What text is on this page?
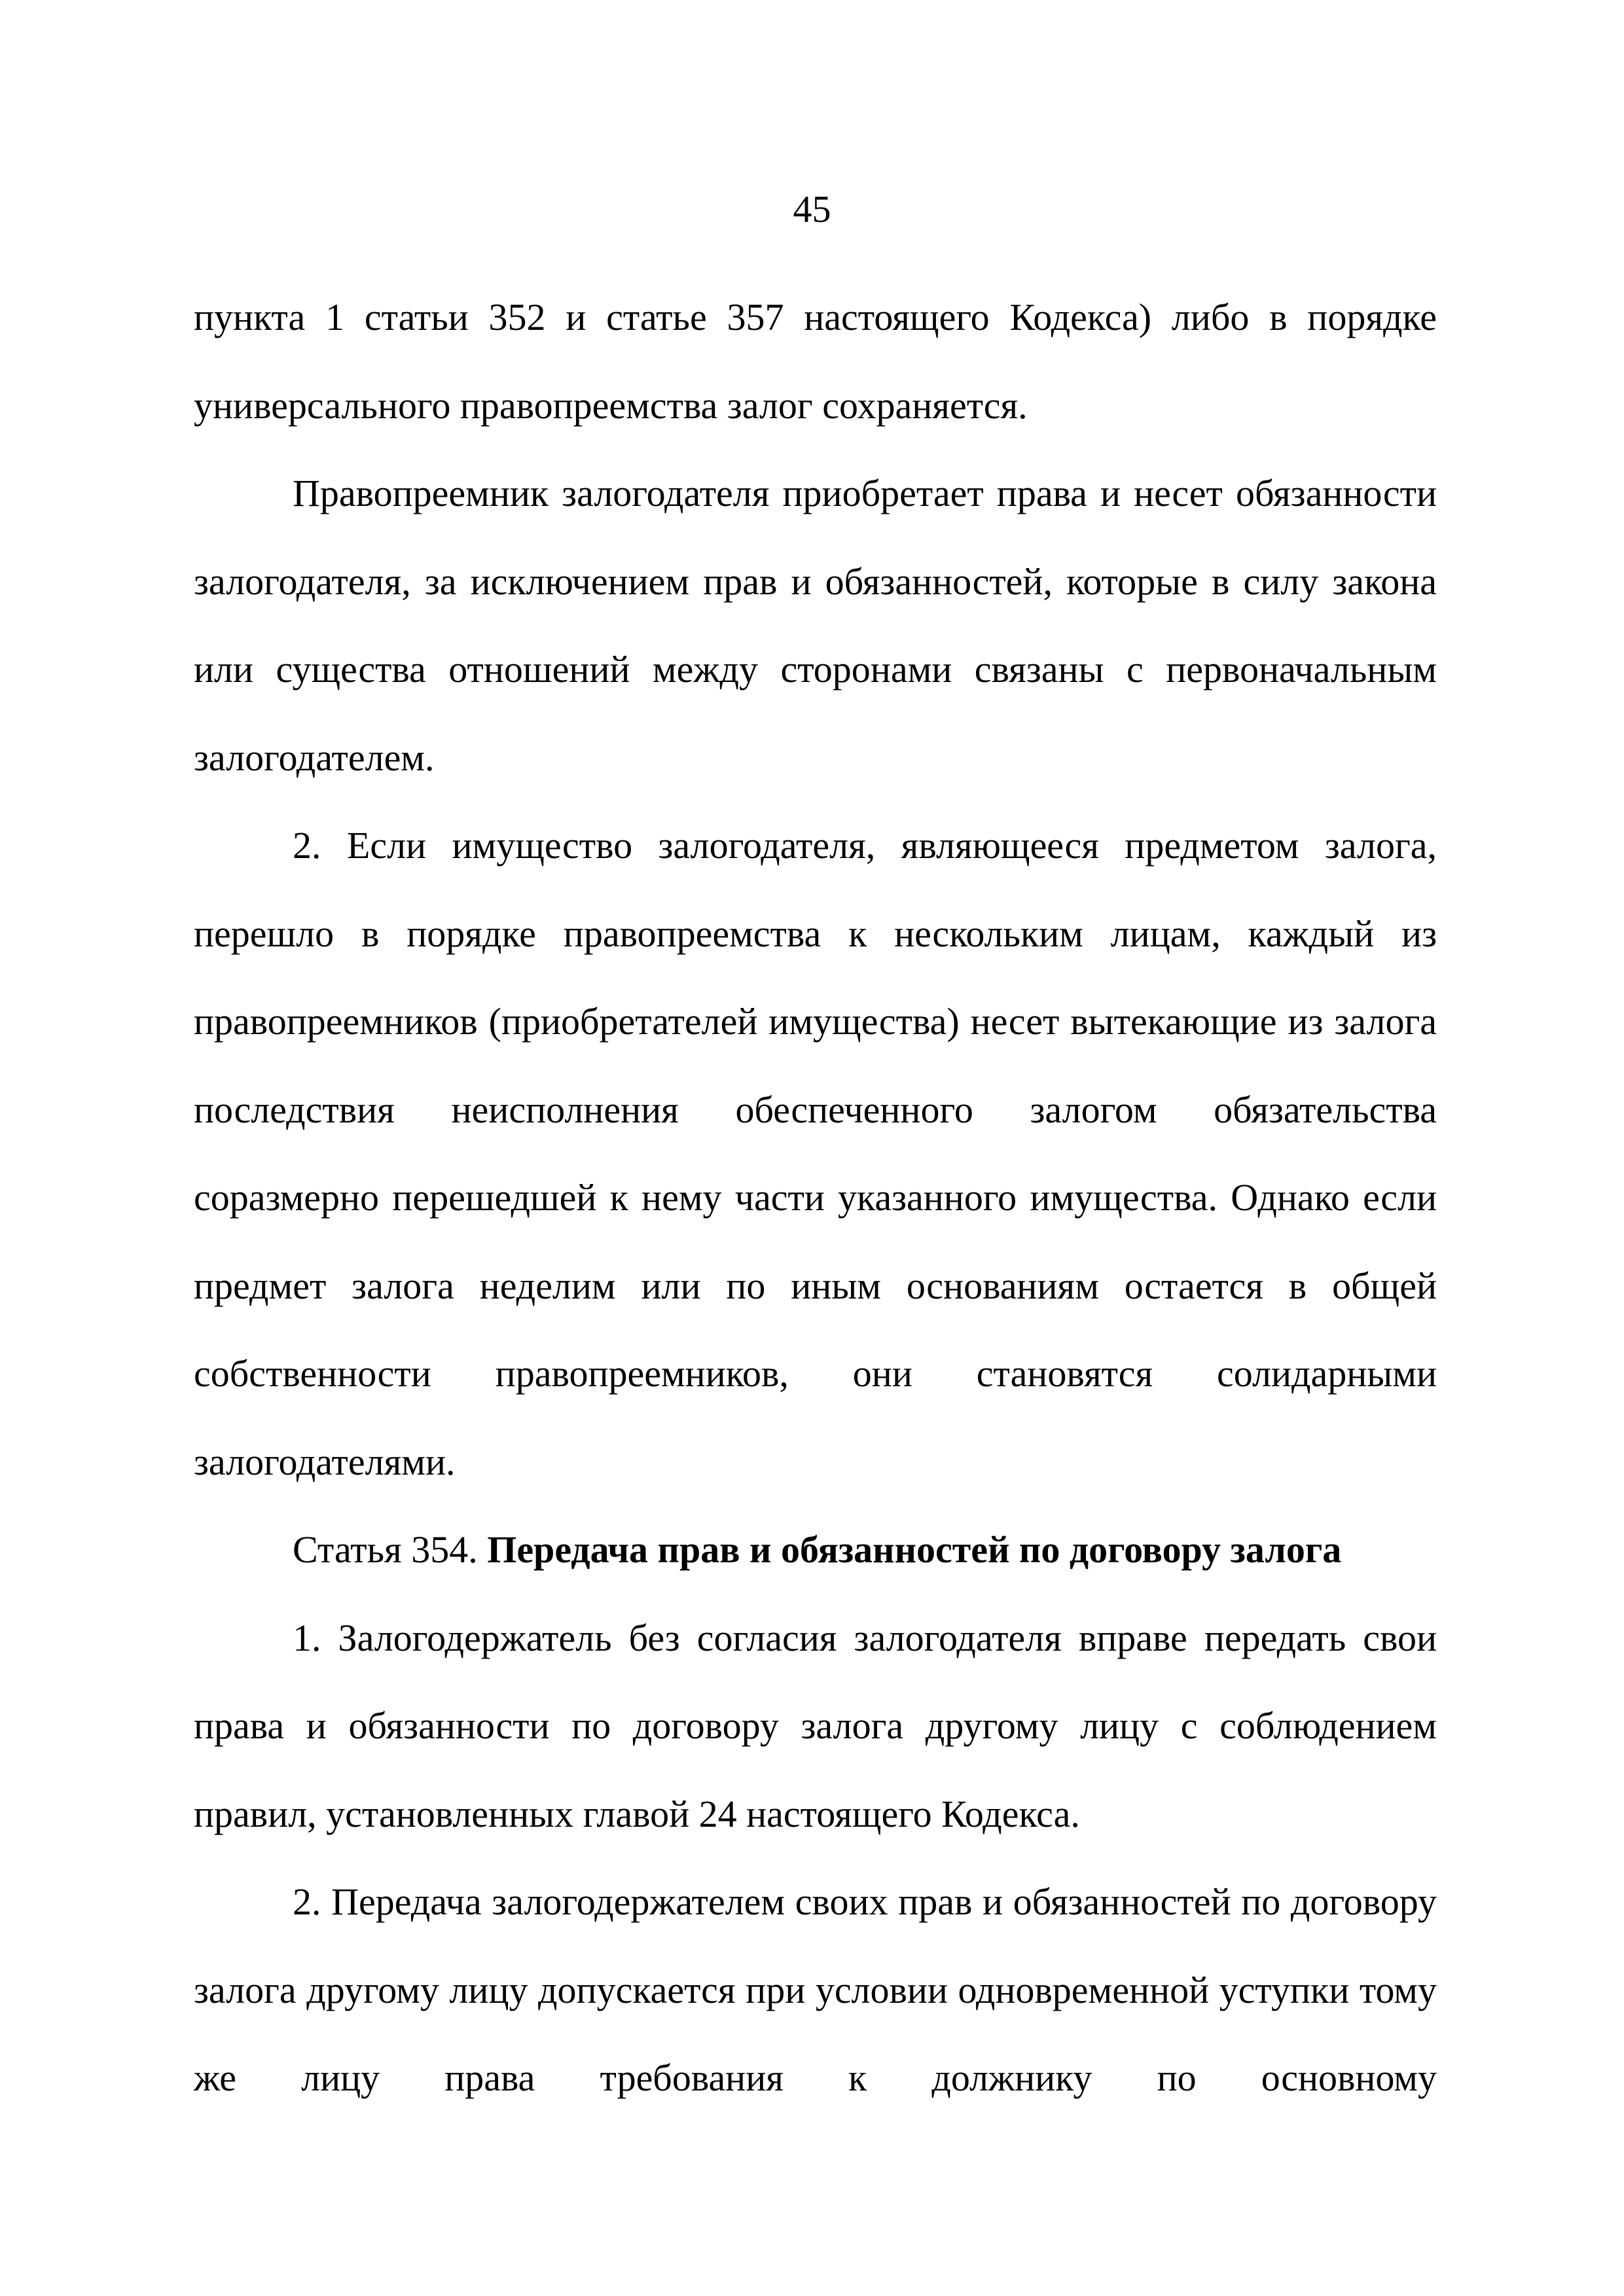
45

пункта 1 статьи 352 и статье 357 настоящего Кодекса) либо в порядке универсального правопреемства залог сохраняется.

Правопреемник залогодателя приобретает права и несет обязанности залогодателя, за исключением прав и обязанностей, которые в силу закона или существа отношений между сторонами связаны с первоначальным залогодателем.

2. Если имущество залогодателя, являющееся предметом залога, перешло в порядке правопреемства к нескольким лицам, каждый из правопреемников (приобретателей имущества) несет вытекающие из залога последствия неисполнения обеспеченного залогом обязательства соразмерно перешедшей к нему части указанного имущества. Однако если предмет залога неделим или по иным основаниям остается в общей собственности правопреемников, они становятся солидарными залогодателями.

Статья 354. Передача прав и обязанностей по договору залога

1. Залогодержатель без согласия залогодателя вправе передать свои права и обязанности по договору залога другому лицу с соблюдением правил, установленных главой 24 настоящего Кодекса.

2. Передача залогодержателем своих прав и обязанностей по договору залога другому лицу допускается при условии одновременной уступки тому же лицу права требования к должнику по основному
